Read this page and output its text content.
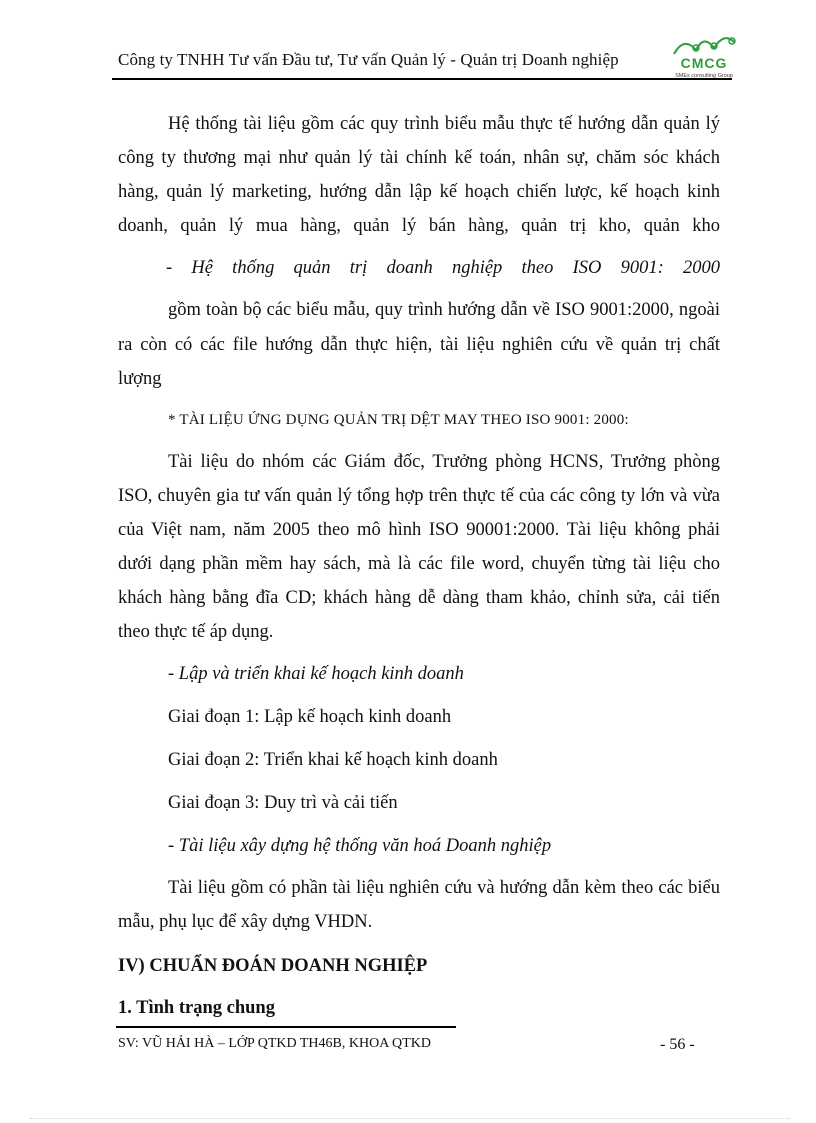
Công ty TNHH Tư vấn Đầu tư, Tư vấn Quản lý - Quản trị Doanh nghiệp	CMCG
SMEs consulting Group
Hệ thống tài liệu gồm các quy trình biểu mẫu thực tế hướng dẫn quản lý
công ty thương mại như quản lý tài chính kế toán, nhân sự, chăm sóc khách
hàng, quản lý marketing, hướng dẫn lập kế hoạch chiến lược, kế hoạch kinh
doanh, quản lý mua hàng, quản lý bán hàng, quản trị kho, quản kho
- Hệ thống quản trị doanh nghiệp theo ISO 9001: 2000
gồm toàn bộ các biểu mẫu, quy trình hướng dẫn về ISO 9001:2000, ngoài
ra còn có các file hướng dẫn thực hiện, tài liệu nghiên cứu về quản trị chất
lượng
* TÀI LIỆU ỨNG DỤNG QUẢN TRỊ DỆT MAY THEO ISO 9001: 2000:
Tài liệu do nhóm các Giám đốc, Trưởng phòng HCNS, Trưởng phòng
ISO, chuyên gia tư vấn quản lý tổng hợp trên thực tế của các công ty lớn và vừa
của Việt nam, năm 2005 theo mô hình ISO 90001:2000. Tài liệu không phải
dưới dạng phần mềm hay sách, mà là các file word, chuyển từng tài liệu cho
khách hàng bằng đĩa CD; khách hàng dễ dàng tham khảo, chỉnh sửa, cải tiến
theo thực tế áp dụng.
- Lập và triển khai kế hoạch kinh doanh
Giai đoạn 1: Lập kế hoạch kinh doanh
Giai đoạn 2: Triển khai kế hoạch kinh doanh
Giai đoạn 3: Duy trì và cải tiến
- Tài liệu xây dựng hệ thống văn hoá Doanh nghiệp
Tài liệu gồm có phần tài liệu nghiên cứu và hướng dẫn kèm theo các biểu
mẫu, phụ lục để xây dựng VHDN.
IV) CHUẨN ĐOÁN DOANH NGHIỆP
1. Tình trạng chung
SV: VŨ HẢI HÀ – LỚP QTKD TH46B, KHOA QTKD	- 56 -
